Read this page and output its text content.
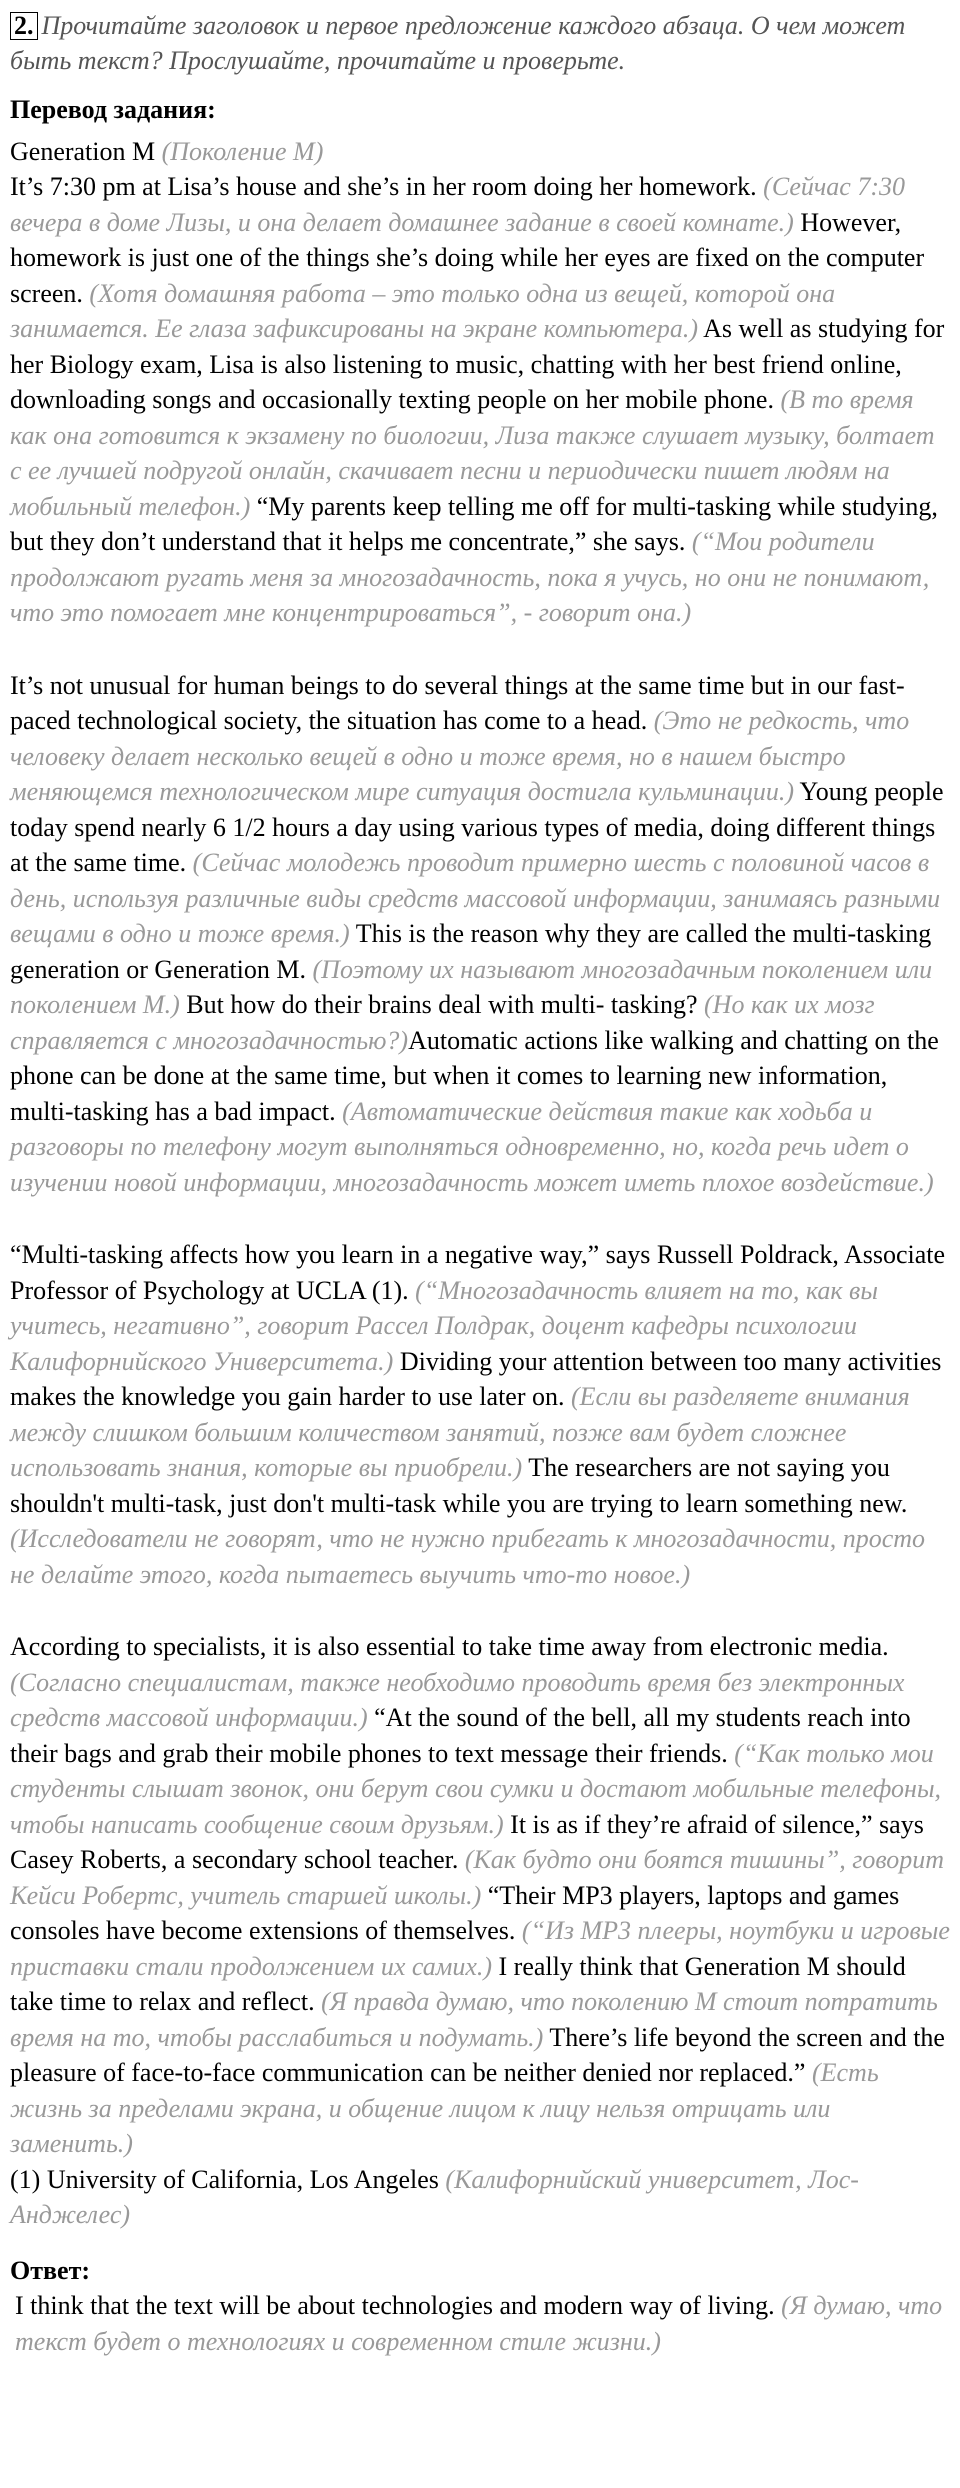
2. Прочитайте заголовок и первое предложение каждого абзаца. О чем может быть текст? Прослушайте, прочитайте и проверьте.
Перевод задания:
Generation M (Поколение М)
It’s 7:30 pm at Lisa’s house and she’s in her room doing her homework. (Сейчас 7:30 вечера в доме Лизы, и она делает домашнее задание в своей комнате.) However, homework is just one of the things she’s doing while her eyes are fixed on the computer screen. (Хотя домашняя работа – это только одна из вещей, которой она занимается. Ее глаза зафиксированы на экране компьютера.) As well as studying for her Biology exam, Lisa is also listening to music, chatting with her best friend online, downloading songs and occasionally texting people on her mobile phone. (В то время как она готовится к экзамену по биологии, Лиза также слушает музыку, болтает с ее лучшей подругой онлайн, скачивает песни и периодически пишет людям на мобильный телефон.) “My parents keep telling me off for multi-tasking while studying, but they don’t understand that it helps me concentrate,” she says. (“Мои родители продолжают ругать меня за многозадачность, пока я учусь, но они не понимают, что это помогает мне концентрироваться”, - говорит она.)
It’s not unusual for human beings to do several things at the same time but in our fast-paced technological society, the situation has come to a head. (Это не редкость, что человеку делает несколько вещей в одно и тоже время, но в нашем быстро меняющемся технологическом мире ситуация достигла кульминации.) Young people today spend nearly 6 1/2 hours a day using various types of media, doing different things at the same time. (Сейчас молодежь проводит примерно шесть с половиной часов в день, используя различные виды средств массовой информации, занимаясь разными вещами в одно и тоже время.) This is the reason why they are called the multi-tasking generation or Generation M. (Поэтому их называют многозадачным поколением или поколением М.) But how do their brains deal with multi- tasking? (Но как их мозг справляется с многозадачностью?)Automatic actions like walking and chatting on the phone can be done at the same time, but when it comes to learning new information, multi-tasking has a bad impact. (Автоматические действия такие как ходьба и разговоры по телефону могут выполняться одновременно, но, когда речь идет о изучении новой информации, многозадачность может иметь плохое воздействие.)
“Multi-tasking affects how you learn in a negative way,” says Russell Poldrack, Associate Professor of Psychology at UCLA (1). (“Многозадачность влияет на то, как вы учитесь, негативно”, говорит Рассел Полдрак, доцент кафедры психологии Калифорнийского Университета.) Dividing your attention between too many activities makes the knowledge you gain harder to use later on. (Если вы разделяете внимания между слишком большим количеством занятий, позже вам будет сложнее использовать знания, которые вы приобрели.) The researchers are not saying you shouldn't multi-task, just don't multi-task while you are trying to learn something new. (Исследователи не говорят, что не нужно прибегать к многозадачности, просто не делайте этого, когда пытаетесь выучить что-то новое.)
According to specialists, it is also essential to take time away from electronic media. (Согласно специалистам, также необходимо проводить время без электронных средств массовой информации.) “At the sound of the bell, all my students reach into their bags and grab their mobile phones to text message their friends. (“Как только мои студенты слышат звонок, они берут свои сумки и достают мобильные телефоны, чтобы написать сообщение своим друзьям.) It is as if they’re afraid of silence,” says Casey Roberts, a secondary school teacher. (Как будто они боятся тишины”, говорит Кейси Робертс, учитель старшей школы.) “Their MP3 players, laptops and games consoles have become extensions of themselves. (“Из MP3 плееры, ноутбуки и игровые приставки стали продолжением их самих.) I really think that Generation M should take time to relax and reflect. (Я правда думаю, что поколению М стоит потратить время на то, чтобы расслабиться и подумать.) There’s life beyond the screen and the pleasure of face-to-face communication can be neither denied nor replaced.” (Есть жизнь за пределами экрана, и общение лицом к лицу нельзя отрицать или заменить.)
(1) University of California, Los Angeles (Калифорнийский университет, Лос-Анджелес)
Ответ:
I think that the text will be about technologies and modern way of living. (Я думаю, что текст будет о технологиях и современном стиле жизни.)
